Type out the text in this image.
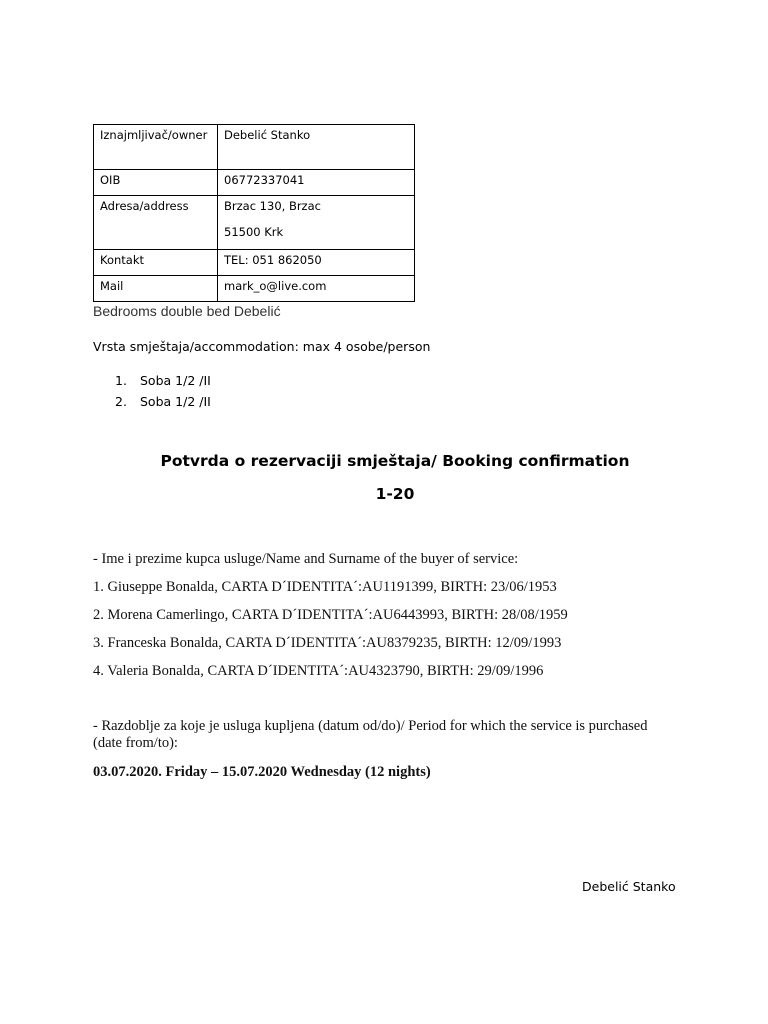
Iznajmljivač/owner	Debelić Stanko
OIB	06772337041
Adresa/address	Brzac 130, Brzac
51500 Krk

Kontakt	TEL: 051 862050
Mail	mark_o@live.com
Bedrooms double bed Debelić
Vrsta smještaja/accommodation: max 4 osobe/person
1. Soba 1/2 /II
2. Soba 1/2 /II
Potvrda o rezervaciji smještaja/ Booking confirmation
1-20
- Ime i prezime kupca usluge/Name and Surname of the buyer of service:
1. Giuseppe Bonalda, CARTA D´IDENTITA´:AU1191399, BIRTH: 23/06/1953
2. Morena Camerlingo, CARTA D´IDENTITA´:AU6443993, BIRTH: 28/08/1959
3. Franceska Bonalda, CARTA D´IDENTITA´:AU8379235, BIRTH: 12/09/1993
4. Valeria Bonalda, CARTA D´IDENTITA´:AU4323790, BIRTH: 29/09/1996
- Razdoblje za koje je usluga kupljena (datum od/do)/ Period for which the service is purchased (date from/to):
03.07.2020. Friday – 15.07.2020 Wednesday (12 nights)
Debelić Stanko
